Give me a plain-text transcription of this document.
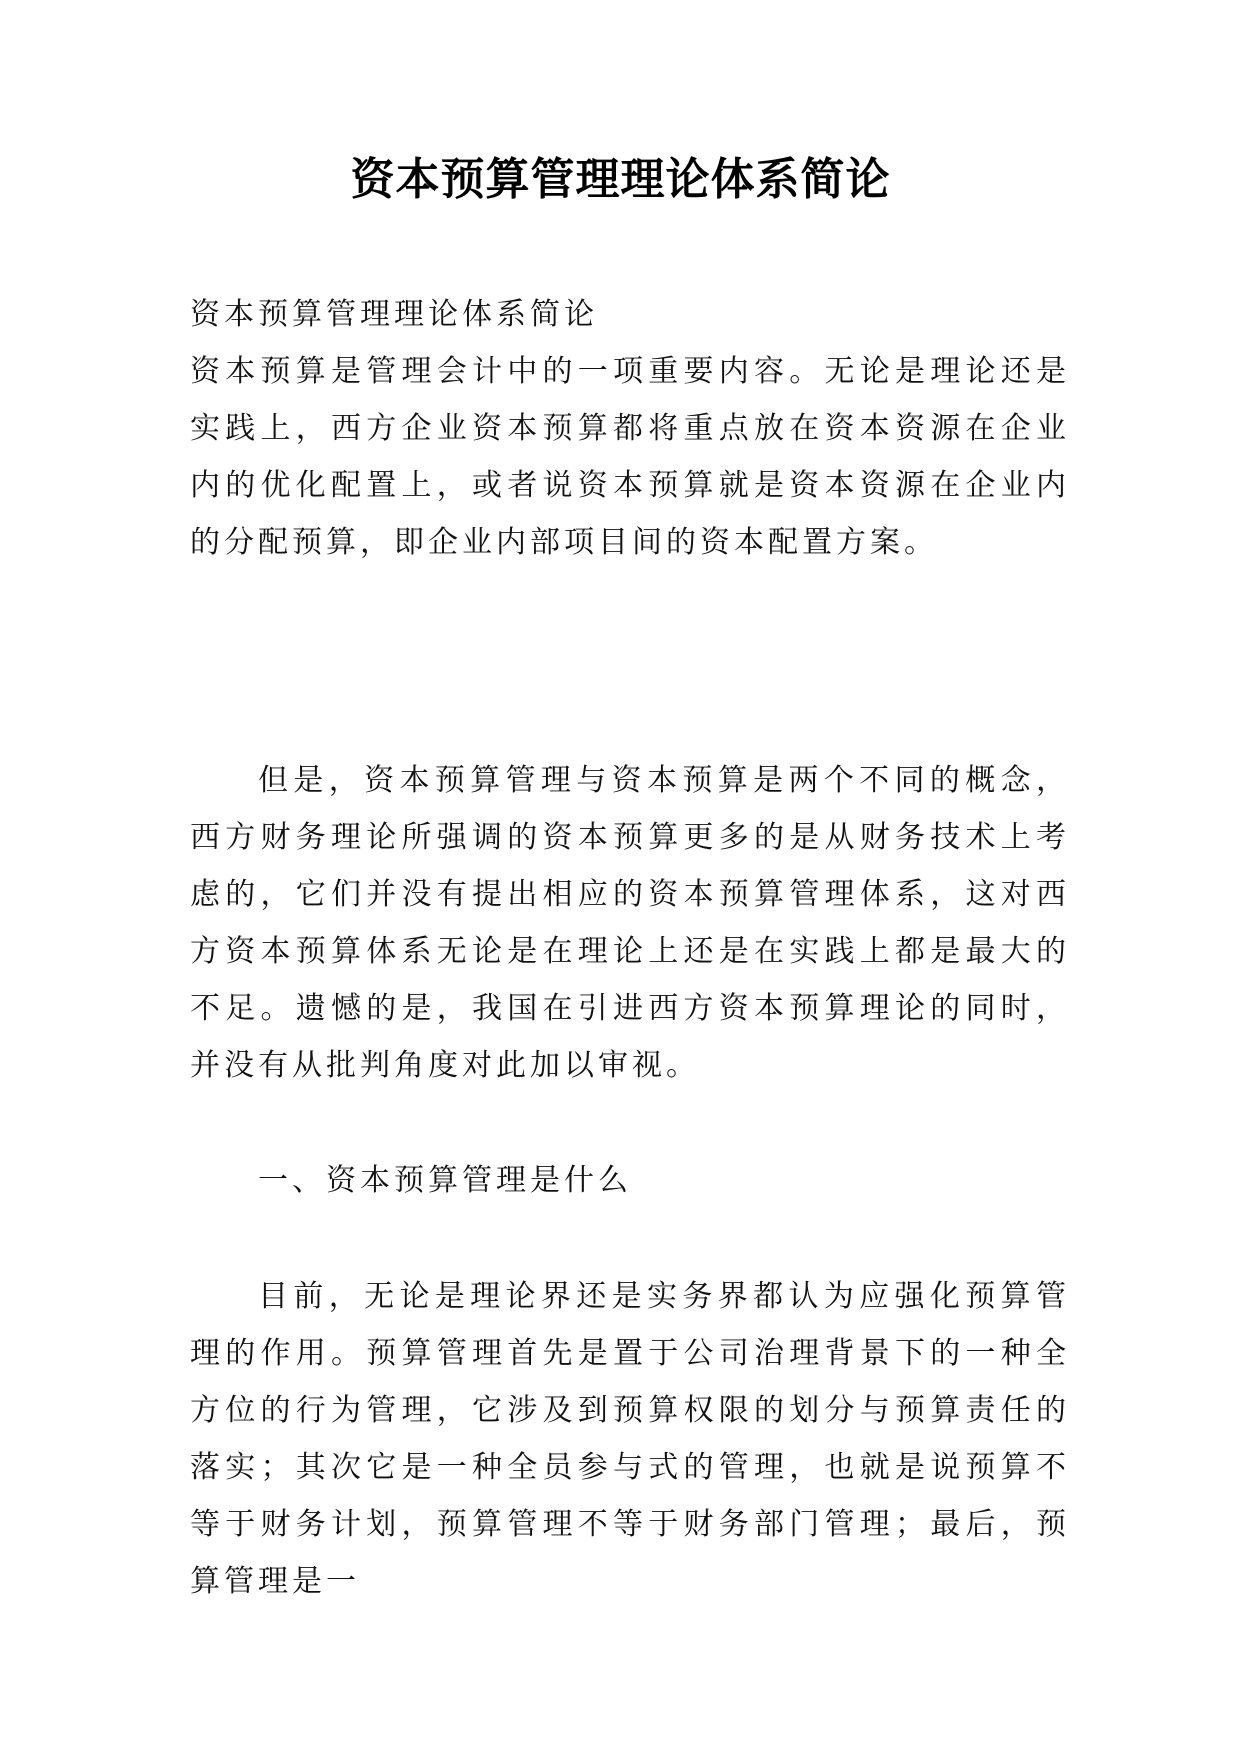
资本预算管理理论体系简论

资本预算管理理论体系简论

资本预算是管理会计中的一项重要内容。无论是理论还是实践上，西方企业资本预算都将重点放在资本资源在企业内的优化配置上，或者说资本预算就是资本资源在企业内的分配预算，即企业内部项目间的资本配置方案。

但是，资本预算管理与资本预算是两个不同的概念，西方财务理论所强调的资本预算更多的是从财务技术上考虑的，它们并没有提出相应的资本预算管理体系，这对西方资本预算体系无论是在理论上还是在实践上都是最大的不足。遗憾的是，我国在引进西方资本预算理论的同时，并没有从批判角度对此加以审视。

一、资本预算管理是什么

目前，无论是理论界还是实务界都认为应强化预算管理的作用。预算管理首先是置于公司治理背景下的一种全方位的行为管理，它涉及到预算权限的划分与预算责任的落实；其次它是一种全员参与式的管理，也就是说预算不等于财务计划，预算管理不等于财务部门管理；最后，预算管理是一
